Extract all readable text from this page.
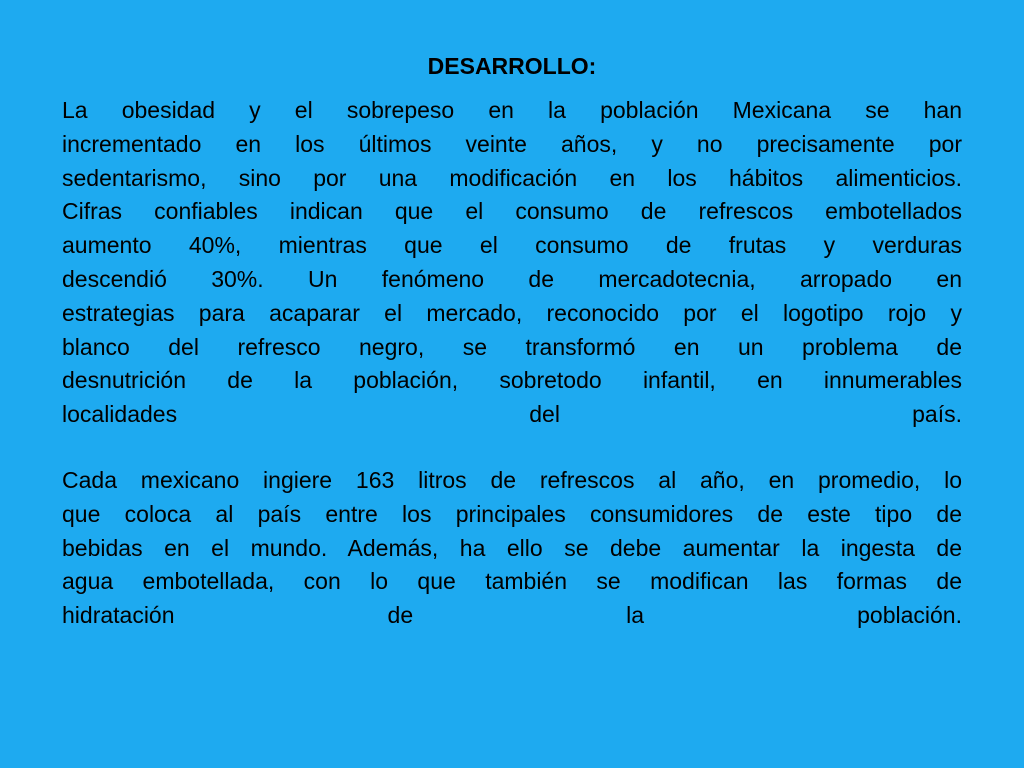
DESARROLLO:
La obesidad y el sobrepeso en la población Mexicana se han
incrementado en los últimos veinte años, y no precisamente por
sedentarismo, sino por una modificación en los hábitos alimenticios.
Cifras confiables indican que el consumo de refrescos embotellados
aumento 40%, mientras que el consumo de frutas y verduras
descendió 30%. Un fenómeno de mercadotecnia, arropado en
estrategias para acaparar el mercado, reconocido por el logotipo rojo y
blanco del refresco negro, se transformó en un problema de
desnutrición de la población, sobretodo infantil, en innumerables
localidades del país.
Cada mexicano ingiere 163 litros de refrescos al año, en promedio, lo
que coloca al país entre los principales consumidores de este tipo de
bebidas en el mundo. Además, ha ello se debe aumentar la ingesta de
agua embotellada, con lo que también se modifican las formas de
hidratación de la población.
